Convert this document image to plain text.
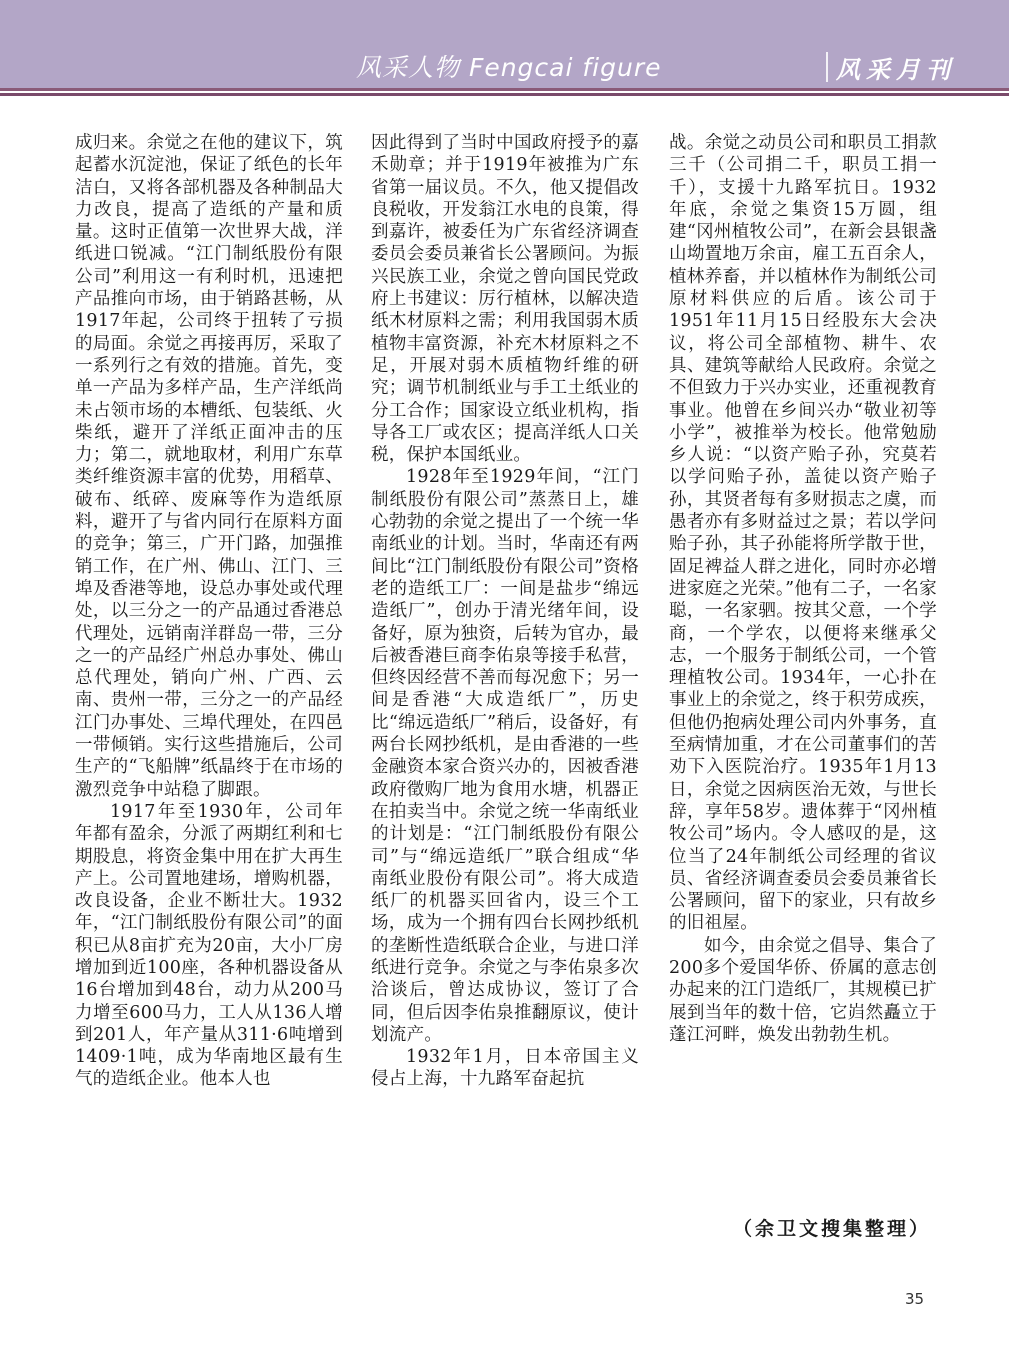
风采人物 Fengcai figure	风采月刊

成归来。余觉之在他的建议下，筑起蓄水沉淀池，保证了纸色的长年洁白，又将各部机器及各种制品大力改良，提高了造纸的产量和质量。这时正值第一次世界大战，洋纸进口锐减。“江门制纸股份有限公司”利用这一有利时机，迅速把产品推向市场，由于销路甚畅，从1917年起，公司终于扭转了亏损的局面。余觉之再接再厉，采取了一系列行之有效的措施。首先，变单一产品为多样产品，生产洋纸尚未占领市场的本槽纸、包装纸、火柴纸，避开了洋纸正面冲击的压力；第二，就地取材，利用广东草类纤维资源丰富的优势，用稻草、破布、纸碎、废麻等作为造纸原料，避开了与省内同行在原料方面的竞争；第三，广开门路，加强推销工作，在广州、佛山、江门、三埠及香港等地，设总办事处或代理处，以三分之一的产品通过香港总代理处，远销南洋群岛一带，三分之一的产品经广州总办事处、佛山总代理处，销向广州、广西、云南、贵州一带，三分之一的产品经江门办事处、三埠代理处，在四邑一带倾销。实行这些措施后，公司生产的“飞船牌”纸晶终于在市场的激烈竞争中站稳了脚跟。

1917年至1930年，公司年年都有盈余，分派了两期红利和七期股息，将资金集中用在扩大再生产上。公司置地建场，增购机器，改良设备，企业不断壮大。1932年，“江门制纸股份有限公司”的面积已从8亩扩充为20亩，大小厂房增加到近100座，各种机器设备从16台增加到48台，动力从200马力增至600马力，工人从136人增到201人，年产量从311·6吨增到1409·1吨，成为华南地区最有生气的造纸企业。他本人也

因此得到了当时中国政府授予的嘉禾勋章；并于1919年被推为广东省第一届议员。不久，他又提倡改良税收，开发翁江水电的良策，得到嘉许，被委任为广东省经济调查委员会委员兼省长公署顾问。为振兴民族工业，余觉之曾向国民党政府上书建议：厉行植林，以解决造纸木材原料之需；利用我国弱木质植物丰富资源，补充木材原料之不足，开展对弱木质植物纤维的研究；调节机制纸业与手工土纸业的分工合作；国家设立纸业机构，指导各工厂或农区；提高洋纸人口关税，保护本国纸业。

1928年至1929年间，“江门制纸股份有限公司”蒸蒸日上，雄心勃勃的余觉之提出了一个统一华南纸业的计划。当时，华南还有两间比“江门制纸股份有限公司”资格老的造纸工厂：一间是盐步“绵远造纸厂”，创办于清光绪年间，设备好，原为独资，后转为官办，最后被香港巨商李佑泉等接手私营，但终因经营不善而每况愈下；另一间是香港“大成造纸厂”，历史比“绵远造纸厂”稍后，设备好，有两台长网抄纸机，是由香港的一些金融资本家合资兴办的，因被香港政府徵购厂地为食用水塘，机器正在拍卖当中。余觉之统一华南纸业的计划是：“江门制纸股份有限公司”与“绵远造纸厂”联合组成“华南纸业股份有限公司”。将大成造纸厂的机器买回省内，设三个工场，成为一个拥有四台长网抄纸机的垄断性造纸联合企业，与进口洋纸进行竞争。余觉之与李佑泉多次洽谈后，曾达成协议，签订了合同，但后因李佑泉推翻原议，使计划流产。

1932年1月，日本帝国主义侵占上海，十九路军奋起抗

战。余觉之动员公司和职员工捐款三千（公司捐二千，职员工捐一千），支援十九路军抗日。1932年底，余觉之集资15万圆，组建“冈州植牧公司”，在新会县银盏山坳置地万余亩，雇工五百余人，植林养畜，并以植林作为制纸公司原材料供应的后盾。该公司于1951年11月15日经股东大会决议，将公司全部植物、耕牛、农具、建筑等献给人民政府。余觉之不但致力于兴办实业，还重视教育事业。他曾在乡间兴办“敬业初等小学”，被推举为校长。他常勉励乡人说：“以资产贻子孙，究莫若以学问贻子孙，盖徒以资产贻子孙，其贤者每有多财损志之虞，而愚者亦有多财益过之景；若以学问贻子孙，其子孙能将所学散于世，固足裨益人群之进化，同时亦必增进家庭之光荣。”他有二子，一名家聪，一名家驷。按其父意，一个学商，一个学农，以便将来继承父志，一个服务于制纸公司，一个管理植牧公司。1934年，一心扑在事业上的余觉之，终于积劳成疾，但他仍抱病处理公司内外事务，直至病情加重，才在公司董事们的苦劝下入医院治疗。1935年1月13日，余觉之因病医治无效，与世长辞，享年58岁。遗体葬于“冈州植牧公司”场内。令人感叹的是，这位当了24年制纸公司经理的省议员、省经济调查委员会委员兼省长公署顾问，留下的家业，只有故乡的旧祖屋。

如今，由余觉之倡导、集合了200多个爱国华侨、侨属的意志创办起来的江门造纸厂，其规模已扩展到当年的数十倍，它岿然矗立于蓬江河畔，焕发出勃勃生机。

（余卫文搜集整理）
35
